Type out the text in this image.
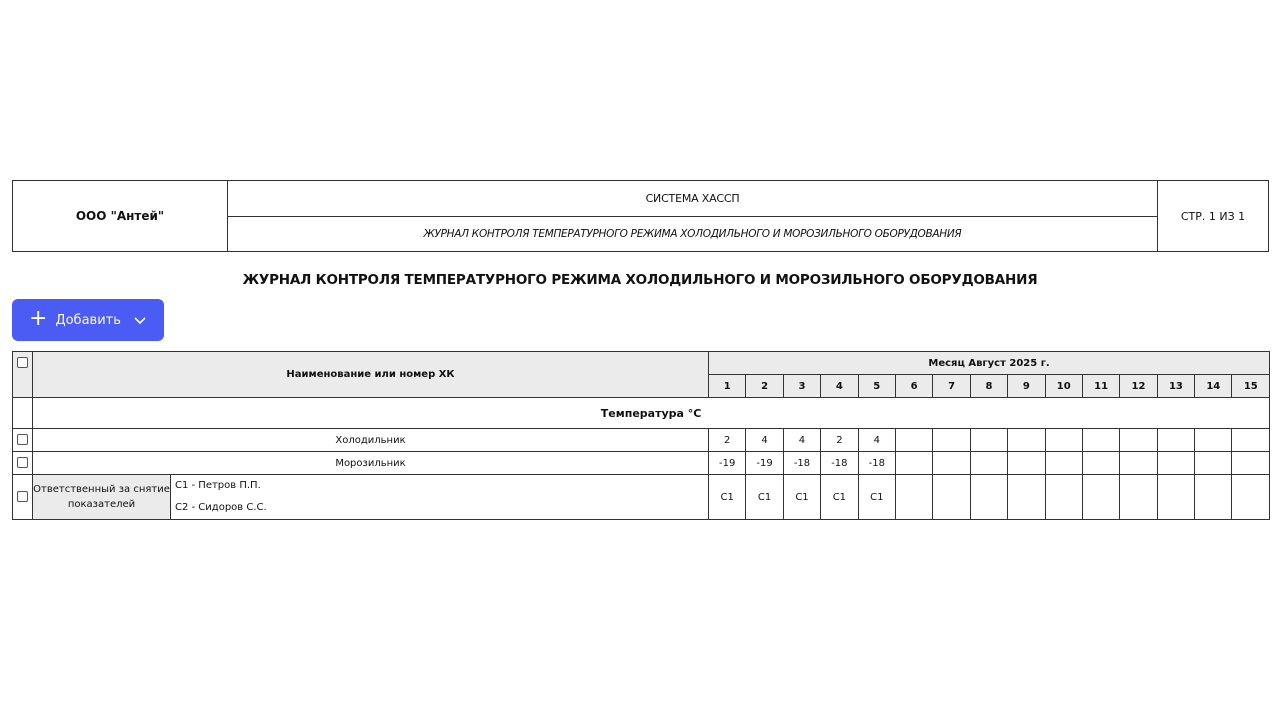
ООО "Антей"	СИСТЕМА ХАССП	СТР. 1 ИЗ 1
ЖУРНАЛ КОНТРОЛЯ ТЕМПЕРАТУРНОГО РЕЖИМА ХОЛОДИЛЬНОГО И МОРОЗИЛЬНОГО ОБОРУДОВАНИЯ
ЖУРНАЛ КОНТРОЛЯ ТЕМПЕРАТУРНОГО РЕЖИМА ХОЛОДИЛЬНОГО И МОРОЗИЛЬНОГО ОБОРУДОВАНИЯ
+ Добавить
	Наименование или номер ХК		Месяц Август 2025 г.														
			1	2	3	4	5	6	7	8	9	10	11	12	13	14	15
	Температура °С																
	Холодильник		2	4	4	2	4										
	Морозильник		-19	-19	-18	-18	-18										
	Ответственный за снятие показателей	С1 - Петров П.П.
С2 - Сидоров С.С.	С1	С1	С1	С1	С1										
